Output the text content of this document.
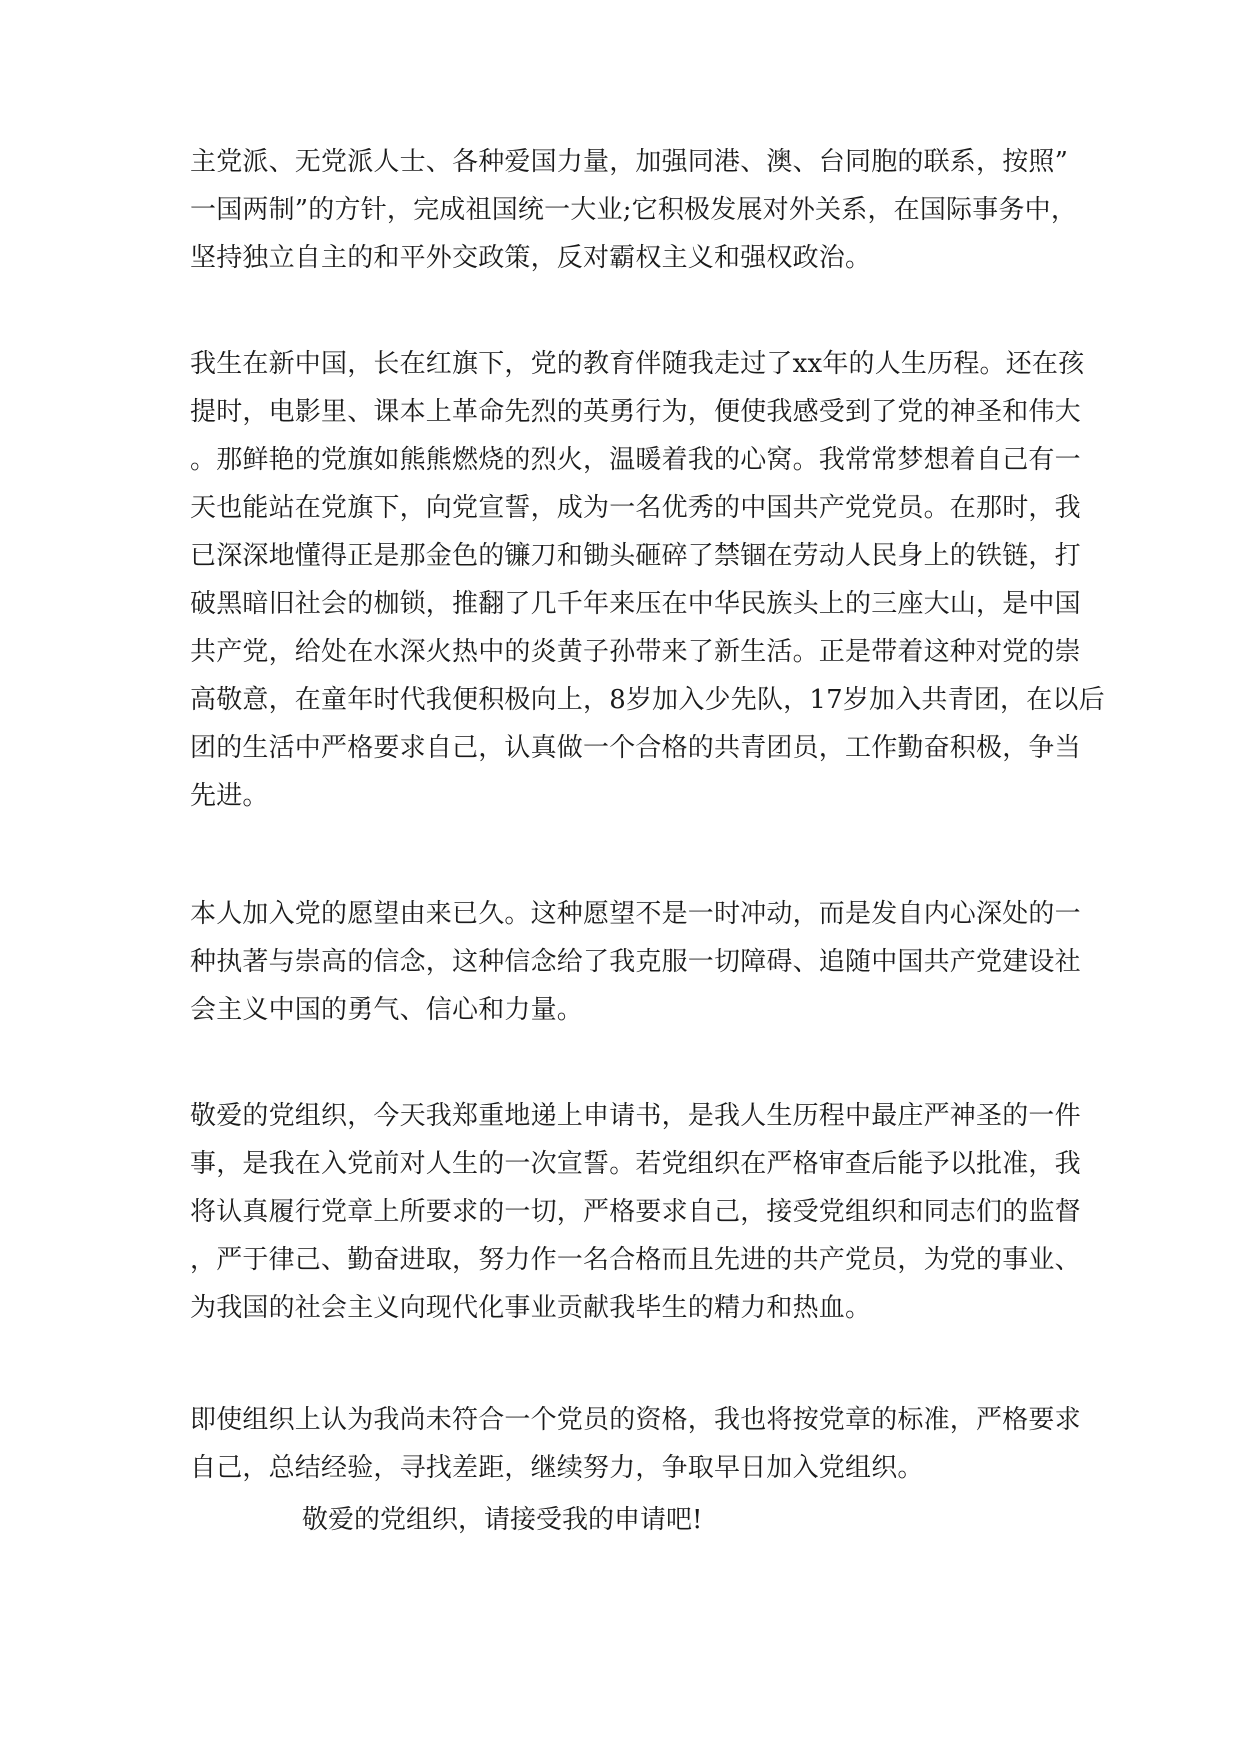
主党派、无党派人士、各种爱国力量，加强同港、澳、台同胞的联系，按照”
一国两制”的方针，完成祖国统一大业;它积极发展对外关系，在国际事务中，
坚持独立自主的和平外交政策，反对霸权主义和强权政治。
我生在新中国，长在红旗下，党的教育伴随我走过了xx年的人生历程。还在孩
提时，电影里、课本上革命先烈的英勇行为，便使我感受到了党的神圣和伟大
。那鲜艳的党旗如熊熊燃烧的烈火，温暖着我的心窝。我常常梦想着自己有一
天也能站在党旗下，向党宣誓，成为一名优秀的中国共产党党员。在那时，我
已深深地懂得正是那金色的镰刀和锄头砸碎了禁锢在劳动人民身上的铁链，打
破黑暗旧社会的枷锁，推翻了几千年来压在中华民族头上的三座大山，是中国
共产党，给处在水深火热中的炎黄子孙带来了新生活。正是带着这种对党的崇
高敬意，在童年时代我便积极向上，8岁加入少先队，17岁加入共青团，在以后
团的生活中严格要求自己，认真做一个合格的共青团员，工作勤奋积极，争当
先进。
本人加入党的愿望由来已久。这种愿望不是一时冲动，而是发自内心深处的一
种执著与崇高的信念，这种信念给了我克服一切障碍、追随中国共产党建设社
会主义中国的勇气、信心和力量。
敬爱的党组织，今天我郑重地递上申请书，是我人生历程中最庄严神圣的一件
事，是我在入党前对人生的一次宣誓。若党组织在严格审查后能予以批准，我
将认真履行党章上所要求的一切，严格要求自己，接受党组织和同志们的监督
，严于律己、勤奋进取，努力作一名合格而且先进的共产党员，为党的事业、
为我国的社会主义向现代化事业贡献我毕生的精力和热血。
即使组织上认为我尚未符合一个党员的资格，我也将按党章的标准，严格要求
自己，总结经验，寻找差距，继续努力，争取早日加入党组织。

敬爱的党组织，请接受我的申请吧!
